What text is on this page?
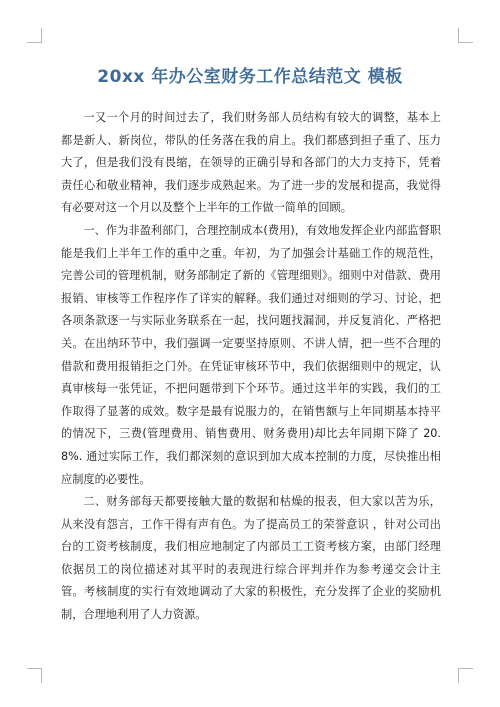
20xx 年办公室财务工作总结范文 模板

一又一个月的时间过去了，我们财务部人员结构有较大的调整，基本上都是新人、新岗位，带队的任务落在我的肩上。我们都感到担子重了、压力大了，但是我们没有畏缩，在领导的正确引导和各部门的大力支持下，凭着责任心和敬业精神，我们逐步成熟起来。为了进一步的发展和提高，我觉得有必要对这一个月以及整个上半年的工作做一简单的回顾。

一、作为非盈利部门，合理控制成本(费用)，有效地发挥企业内部监督职能是我们上半年工作的重中之重。年初，为了加强会计基础工作的规范性，完善公司的管理机制，财务部制定了新的《管理细则》。细则中对借款、费用报销、审核等工作程序作了详实的解释。我们通过对细则的学习、讨论，把各项条款逐一与实际业务联系在一起，找问题找漏洞，并反复消化、严格把关。在出纳环节中，我们强调一定要坚持原则、不讲人情，把一些不合理的借款和费用报销拒之门外。在凭证审核环节中，我们依据细则中的规定，认真审核每一张凭证，不把问题带到下个环节。通过这半年的实践，我们的工作取得了显著的成效。数字是最有说服力的，在销售额与上年同期基本持平的情况下，三费(管理费用、销售费用、财务费用)却比去年同期下降了 20.8%. 通过实际工作，我们都深刻的意识到加大成本控制的力度，尽快推出相应制度的必要性。

二、财务部每天都要接触大量的数据和枯燥的报表，但大家以苦为乐，从来没有怨言，工作干得有声有色。为了提高员工的荣誉意识 ，针对公司出台的工资考核制度，我们相应地制定了内部员工工资考核方案，由部门经理依据员工的岗位描述对其平时的表现进行综合评判并作为参考递交会计主管。考核制度的实行有效地调动了大家的积极性，充分发挥了企业的奖励机制，合理地利用了人力资源。
